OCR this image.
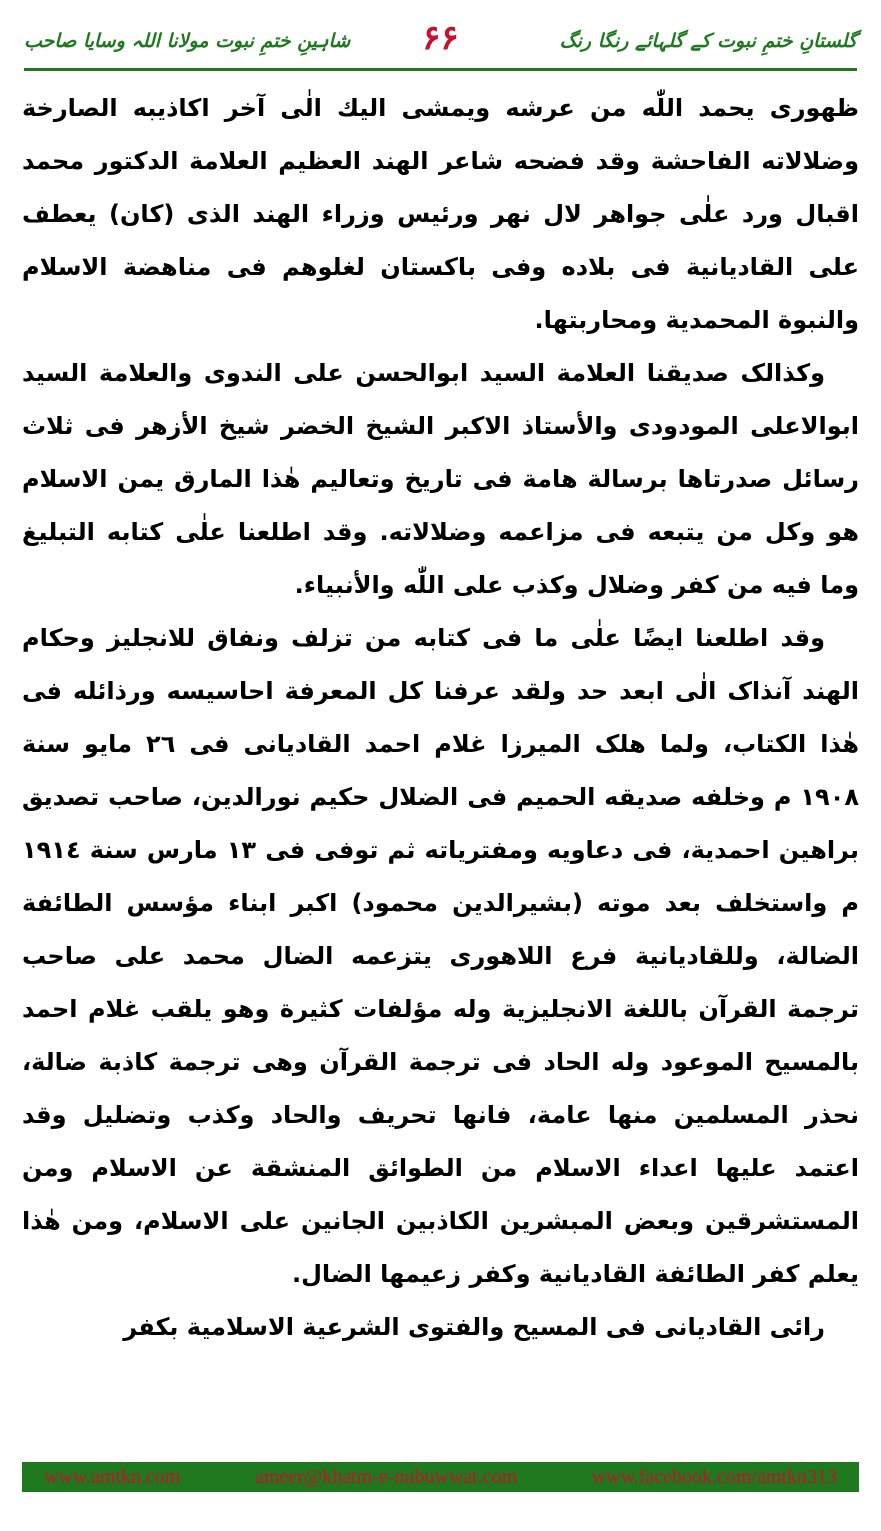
گلستانِ ختمِ نبوت کے گلہائے رنگا رنگ
۶۶
شاہینِ ختمِ نبوت مولانا اللہ وسایا صاحب

ظهورى يحمد اللّٰه من عرشه ويمشى اليك الٰى آخر اكاذيبه الصارخة وضلالاته الفاحشة وقد فضحه شاعر الهند العظيم العلامة الدكتور محمد اقبال ورد علٰى جواهر لال نهر ورئيس وزراء الهند الذى (كان) يعطف على القاديانية فى بلاده وفى باكستان لغلوهم فى مناهضة الاسلام والنبوة المحمدية ومحاربتها.

وكذالک صديقنا العلامة السيد ابوالحسن على الندوى والعلامة السيد ابوالاعلى المودودى والأستاذ الاكبر الشيخ الخضر شيخ الأزهر فى ثلاث رسائل صدرتاها برسالة هامة فى تاريخ وتعاليم هٰذا المارق يمن الاسلام هو وكل من يتبعه فى مزاعمه وضلالاته. وقد اطلعنا علٰى كتابه التبليغ وما فيه من كفر وضلال وكذب على اللّٰه والأنبياء.

وقد اطلعنا ايضًا علٰى ما فى كتابه من تزلف ونفاق للانجليز وحكام الهند آنذاک الٰى ابعد حد ولقد عرفنا كل المعرفة احاسيسه ورذائله فى هٰذا الكتاب، ولما هلک الميرزا غلام احمد القاديانى فى ٢٦ مايو سنة ١٩٠٨ م وخلفه صديقه الحميم فى الضلال حكيم نورالدين، صاحب تصديق براهين احمدية، فى دعاويه ومفترياته ثم توفى فى ١٣ مارس سنة ١٩١٤ م واستخلف بعد موته (بشيرالدين محمود) اكبر ابناء مؤسس الطائفة الضالة، وللقاديانية فرع اللاهورى يتزعمه الضال محمد على صاحب ترجمة القرآن باللغة الانجليزية وله مؤلفات كثيرة وهو يلقب غلام احمد بالمسيح الموعود وله الحاد فى ترجمة القرآن وهى ترجمة كاذبة ضالة، نحذر المسلمين منها عامة، فانها تحريف والحاد وكذب وتضليل وقد اعتمد عليها اعداء الاسلام من الطوائق المنشقة عن الاسلام ومن المستشرقين وبعض المبشرين الكاذبين الجانين على الاسلام، ومن هٰذا يعلم كفر الطائفة القاديانية وكفر زعيمها الضال.

رائى القاديانى فى المسيح والفتوى الشرعية الاسلامية بكفر

www.amtkn.com	ameer@khatm-e-nubuwwat.com	www.facebook.com/amtkn313
